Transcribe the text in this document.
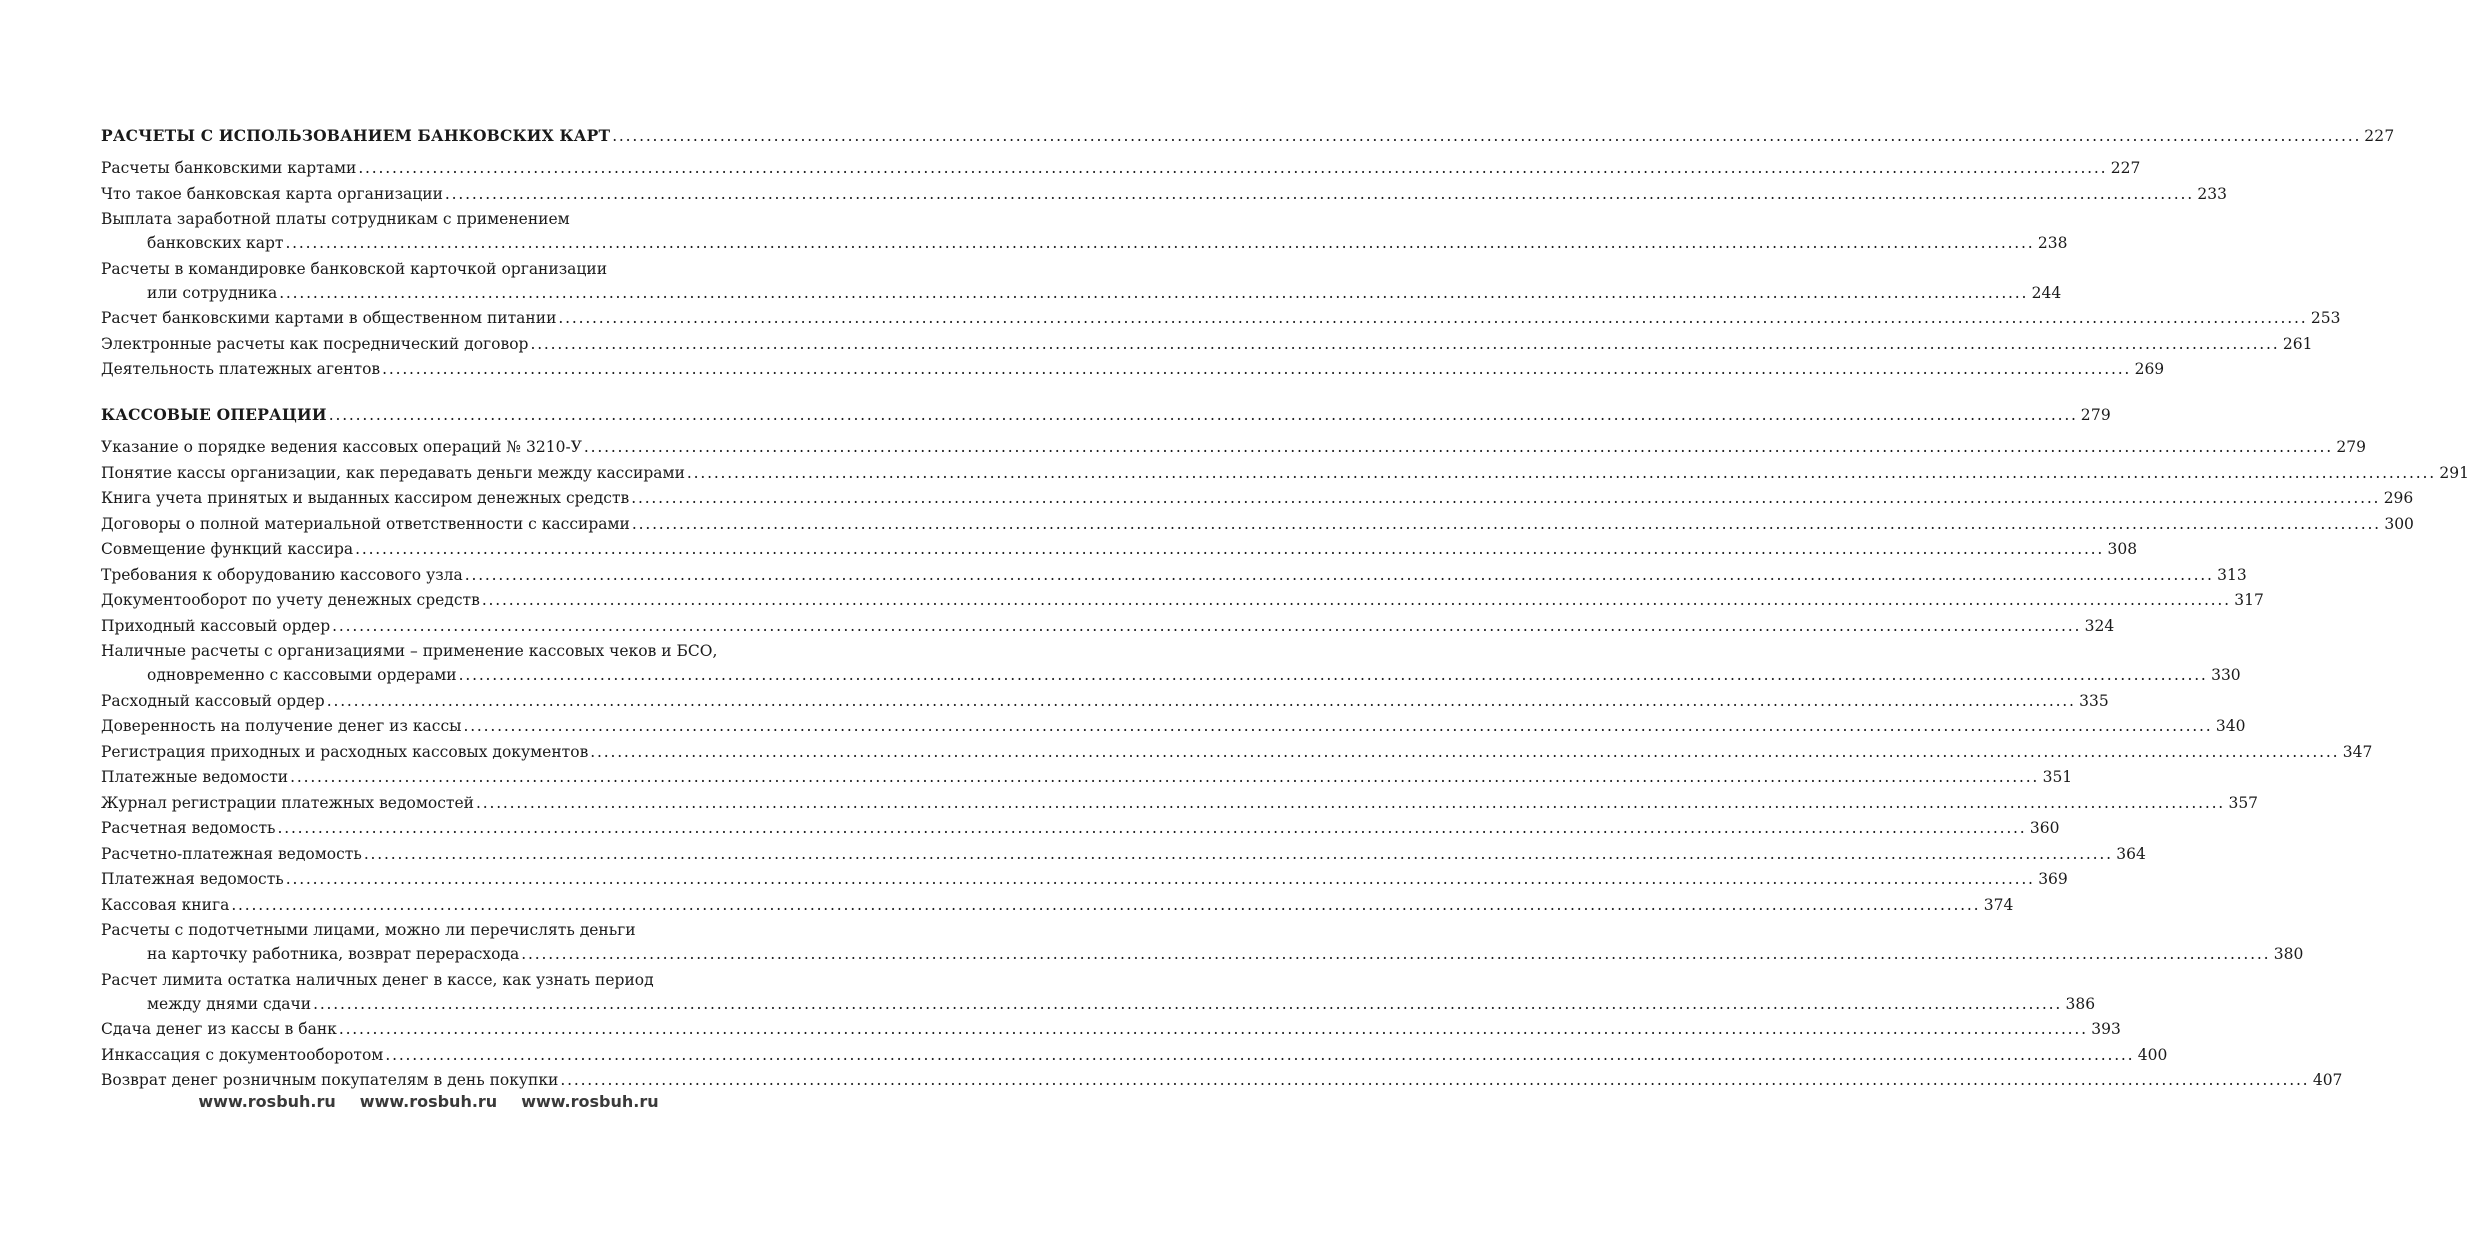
РАСЧЕТЫ С ИСПОЛЬЗОВАНИЕМ БАНКОВСКИХ КАРТ .................................................................................................................................................................................................................................................................... 227
Расчеты банковскими картами .................................................................................................................................................................................................................................................................... 227
Что такое банковская карта организации .................................................................................................................................................................................................................................................................... 233
Выплата заработной платы сотрудникам с применением
банковских карт .................................................................................................................................................................................................................................................................... 238
Расчеты в командировке банковской карточкой организации
или сотрудника .................................................................................................................................................................................................................................................................... 244
Расчет банковскими картами в общественном питании .................................................................................................................................................................................................................................................................... 253
Электронные расчеты как посреднический договор .................................................................................................................................................................................................................................................................... 261
Деятельность платежных агентов .................................................................................................................................................................................................................................................................... 269
КАССОВЫЕ ОПЕРАЦИИ .................................................................................................................................................................................................................................................................... 279
Указание о порядке ведения кассовых операций № 3210-У .................................................................................................................................................................................................................................................................... 279
Понятие кассы организации, как передавать деньги между кассирами .................................................................................................................................................................................................................................................................... 291
Книга учета принятых и выданных кассиром денежных средств .................................................................................................................................................................................................................................................................... 296
Договоры о полной материальной ответственности с кассирами .................................................................................................................................................................................................................................................................... 300
Совмещение функций кассира .................................................................................................................................................................................................................................................................... 308
Требования к оборудованию кассового узла .................................................................................................................................................................................................................................................................... 313
Документооборот по учету денежных средств .................................................................................................................................................................................................................................................................... 317
Приходный кассовый ордер .................................................................................................................................................................................................................................................................... 324
Наличные расчеты с организациями – применение кассовых чеков и БСО,
одновременно с кассовыми ордерами .................................................................................................................................................................................................................................................................... 330
Расходный кассовый ордер .................................................................................................................................................................................................................................................................... 335
Доверенность на получение денег из кассы .................................................................................................................................................................................................................................................................... 340
Регистрация приходных и расходных кассовых документов .................................................................................................................................................................................................................................................................... 347
Платежные ведомости .................................................................................................................................................................................................................................................................... 351
Журнал регистрации платежных ведомостей .................................................................................................................................................................................................................................................................... 357
Расчетная ведомость .................................................................................................................................................................................................................................................................... 360
Расчетно-платежная ведомость .................................................................................................................................................................................................................................................................... 364
Платежная ведомость .................................................................................................................................................................................................................................................................... 369
Кассовая книга .................................................................................................................................................................................................................................................................... 374
Расчеты с подотчетными лицами, можно ли перечислять деньги
на карточку работника, возврат перерасхода .................................................................................................................................................................................................................................................................... 380
Расчет лимита остатка наличных денег в кассе, как узнать период
между днями сдачи .................................................................................................................................................................................................................................................................... 386
Сдача денег из кассы в банк .................................................................................................................................................................................................................................................................... 393
Инкассация с документооборотом .................................................................................................................................................................................................................................................................... 400
Возврат денег розничным покупателям в день покупки .................................................................................................................................................................................................................................................................... 407
www.rosbuh.ru www.rosbuh.ru www.rosbuh.ru
